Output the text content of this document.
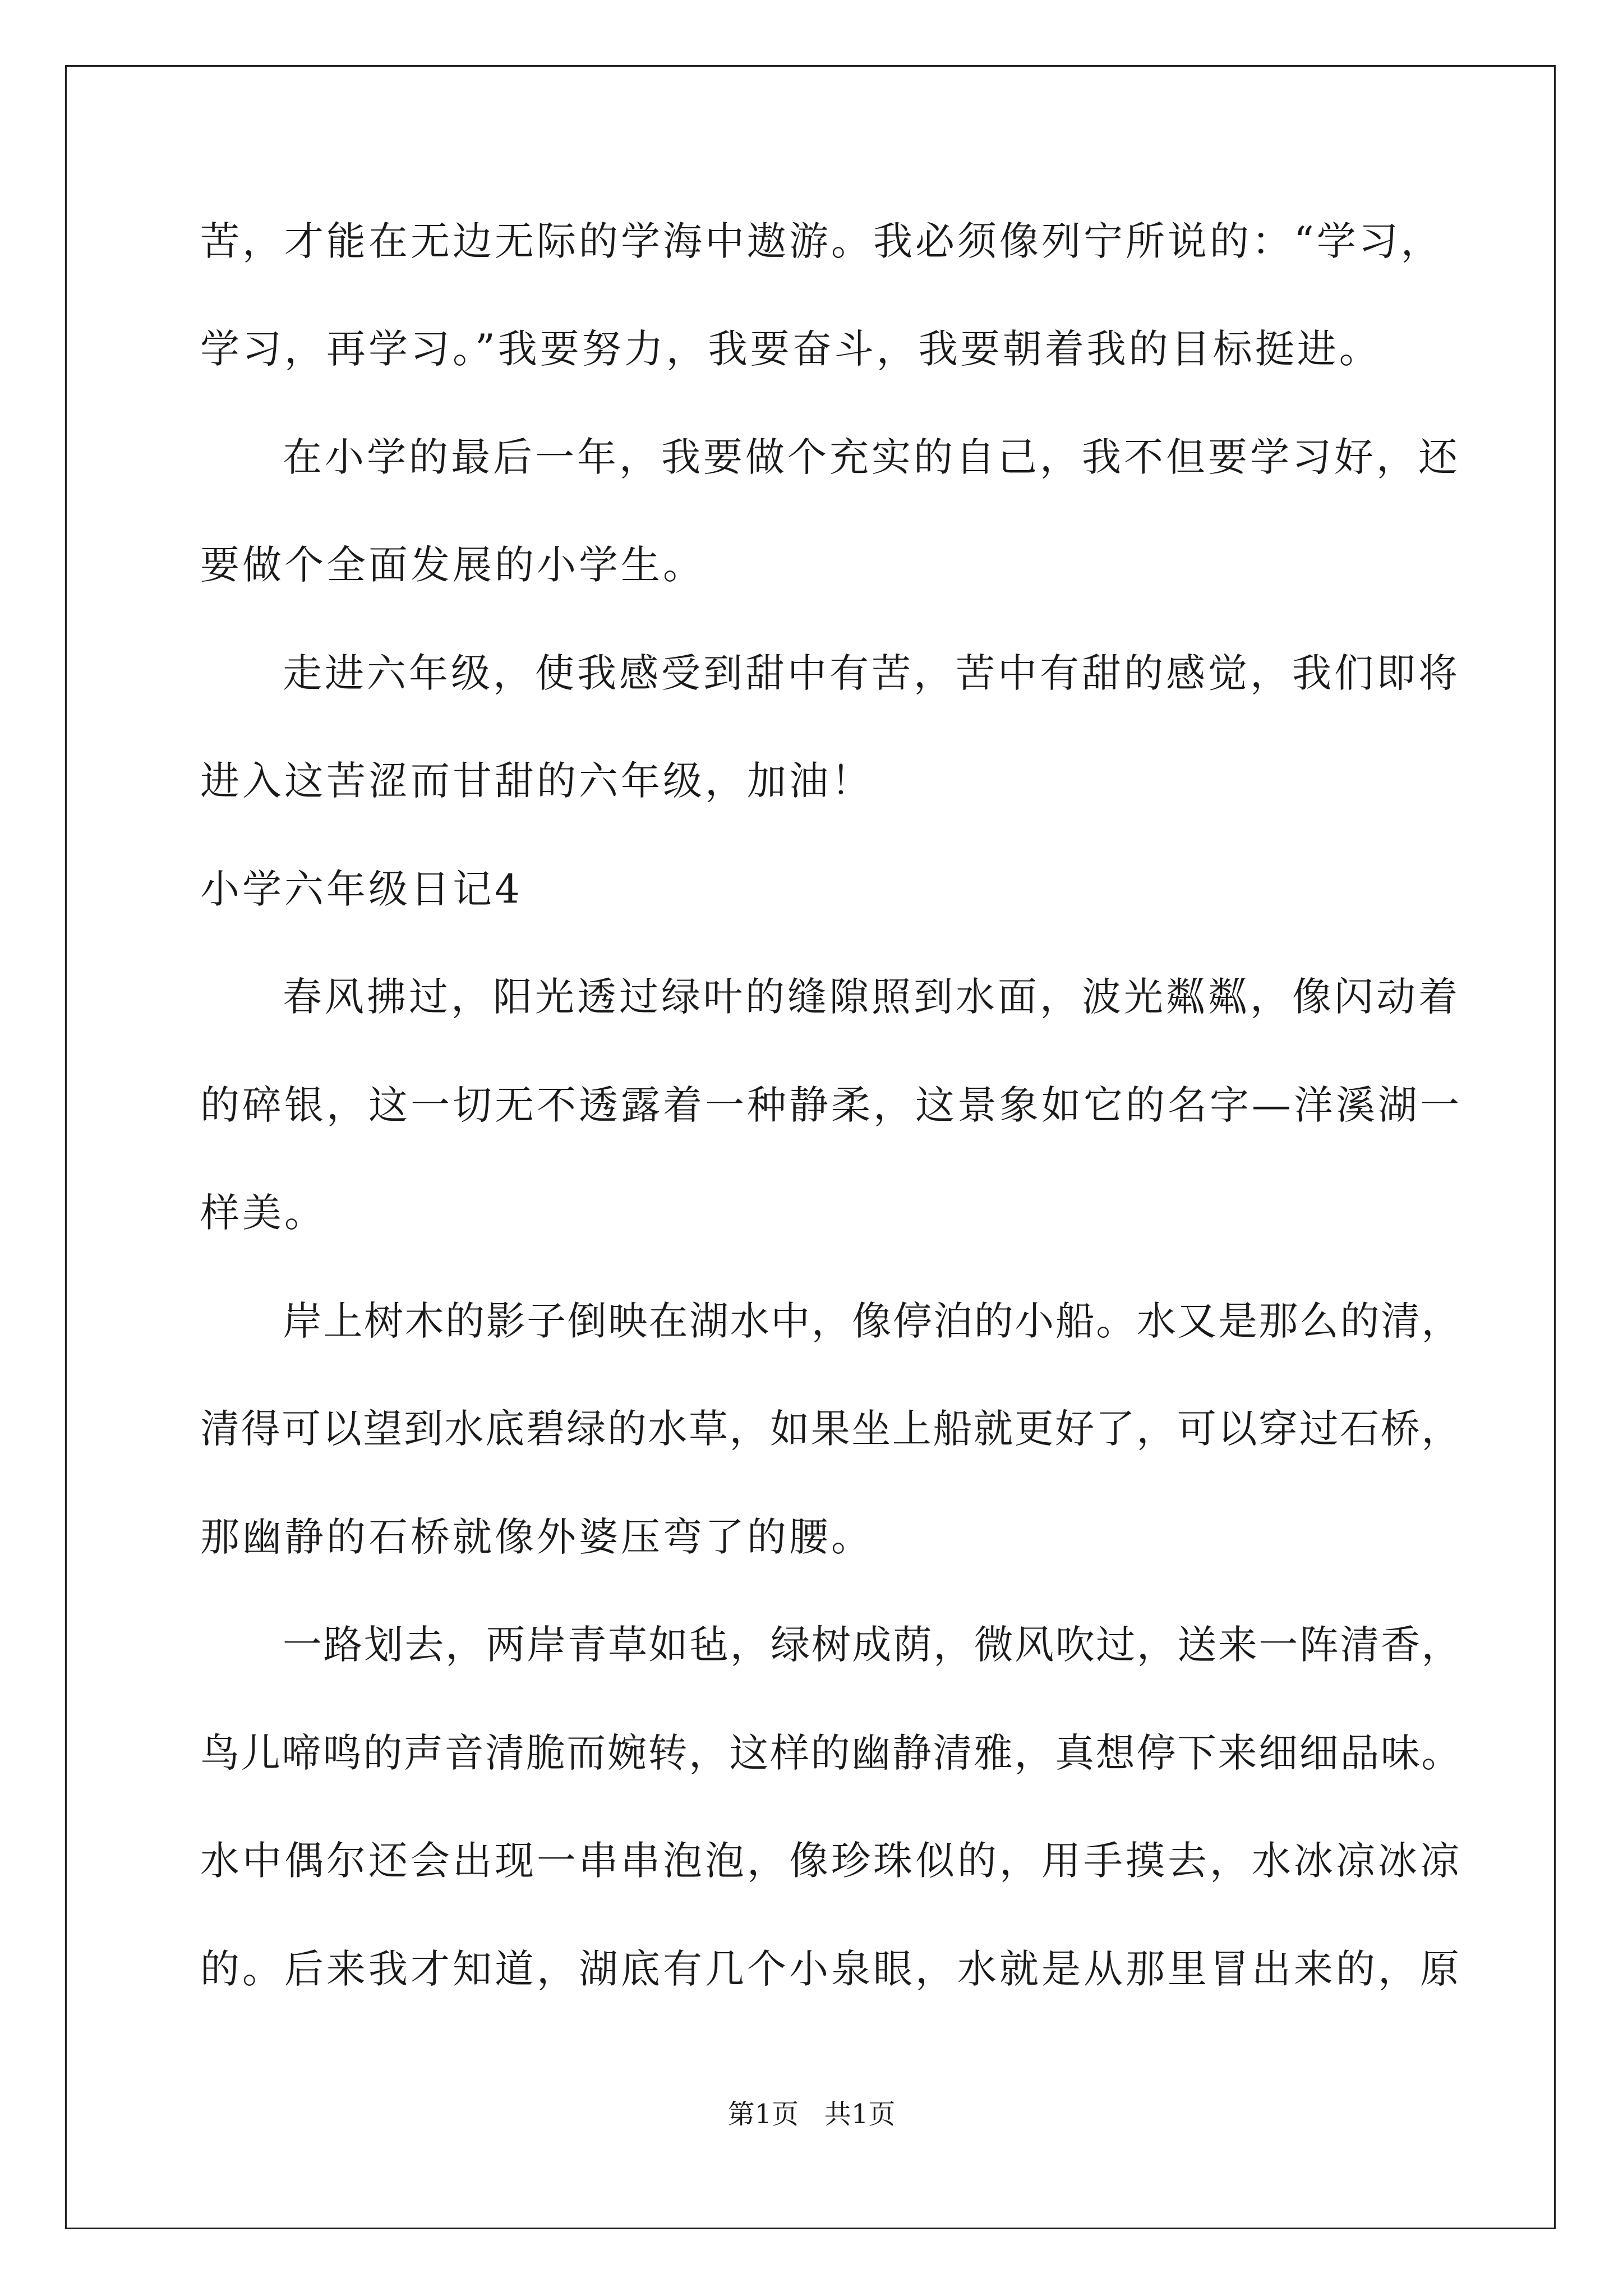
苦，才能在无边无际的学海中遨游。我必须像列宁所说的：“学习，
学习，再学习。”我要努力，我要奋斗，我要朝着我的目标挺进。
在小学的最后一年，我要做个充实的自己，我不但要学习好，还
要做个全面发展的小学生。
走进六年级，使我感受到甜中有苦，苦中有甜的感觉，我们即将
进入这苦涩而甘甜的六年级，加油！
小学六年级日记4
春风拂过，阳光透过绿叶的缝隙照到水面，波光粼粼，像闪动着
的碎银，这一切无不透露着一种静柔，这景象如它的名字—洋溪湖一
样美。
岸上树木的影子倒映在湖水中，像停泊的小船。水又是那么的清，
清得可以望到水底碧绿的水草，如果坐上船就更好了，可以穿过石桥，
那幽静的石桥就像外婆压弯了的腰。
一路划去，两岸青草如毡，绿树成荫，微风吹过，送来一阵清香，
鸟儿啼鸣的声音清脆而婉转，这样的幽静清雅，真想停下来细细品味。
水中偶尔还会出现一串串泡泡，像珍珠似的，用手摸去，水冰凉冰凉
的。后来我才知道，湖底有几个小泉眼，水就是从那里冒出来的，原
第1页   共1页
